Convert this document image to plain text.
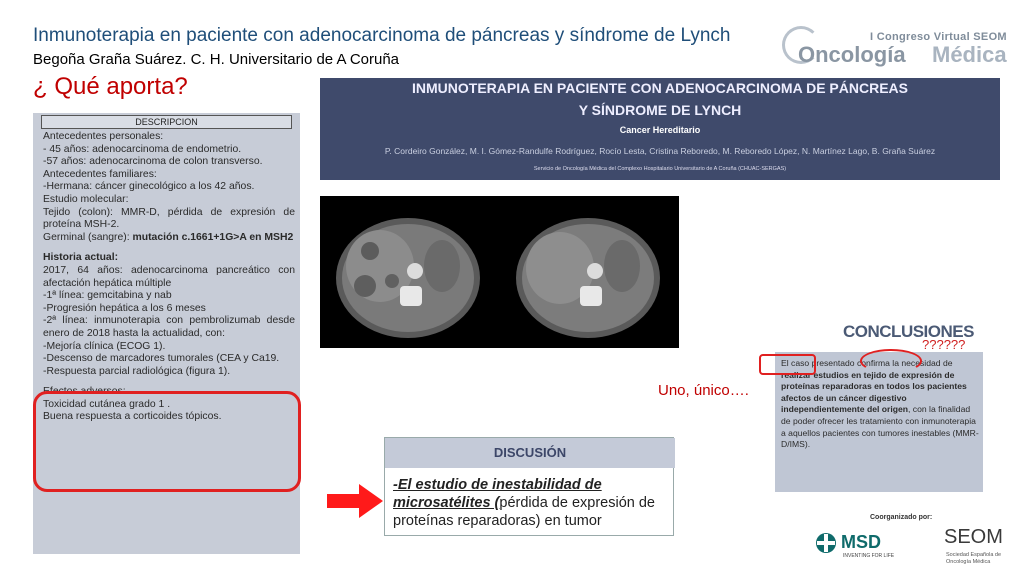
Inmunoterapia en paciente con adenocarcinoma de páncreas y síndrome de Lynch
Begoña Graña Suárez. C. H. Universitario de A Coruña
¿ Qué aporta?
I Congreso Virtual SEOM
Oncología Médica
DESCRIPCION
Antecedentes personales:
- 45 años: adenocarcinoma de endometrio.
-57 años: adenocarcinoma de colon transverso.
Antecedentes familiares:
-Hermana: cáncer ginecológico a los 42 años.
Estudio molecular:
Tejido (colon): MMR-D, pérdida de expresión de proteína MSH-2.
Germinal (sangre): mutación c.1661+1G>A en MSH2
Historia actual:
2017, 64 años: adenocarcinoma pancreático con afectación hepática múltiple
-1ª línea: gemcitabina y nab
-Progresión hepática a los 6 meses
-2ª línea: inmunoterapia con pembrolizumab desde enero de 2018 hasta la actualidad, con:
-Mejoría clínica (ECOG 1).
-Descenso de marcadores tumorales (CEA y Ca19.
-Respuesta parcial radiológica (figura 1).
Efectos adversos:
Toxicidad cutánea grado 1 .
Buena respuesta a corticoides tópicos.
INMUNOTERAPIA EN PACIENTE CON ADENOCARCINOMA DE PÁNCREAS
Y SÍNDROME DE LYNCH
Cancer Hereditario
P. Cordeiro González, M. I. Gómez-Randulfe Rodríguez, Rocío Lesta, Cristina Reboredo, M. Reboredo López, N. Martínez Lago, B. Graña Suárez
Servicio de Oncología Médica del Complexo Hospitalario Universitario de A Coruña (CHUAC-SERGAS)
CONCLUSIONES
El caso presentado confirma la necesidad de realizar estudios en tejido de expresión de proteínas reparadoras en todos los pacientes afectos de un cáncer digestivo independientemente del origen, con la finalidad de poder ofrecer les tratamiento con inmunoterapia a aquellos pacientes con tumores inestables (MMR-D/IMS).
??????
Uno, único….
DISCUSIÓN
-El estudio de inestabilidad de microsatélites (pérdida de expresión de proteínas reparadoras) en tumor	Coorganizado por:
MSD
INVENTING FOR LIFE
SEOM
Sociedad Española de Oncología Médica
